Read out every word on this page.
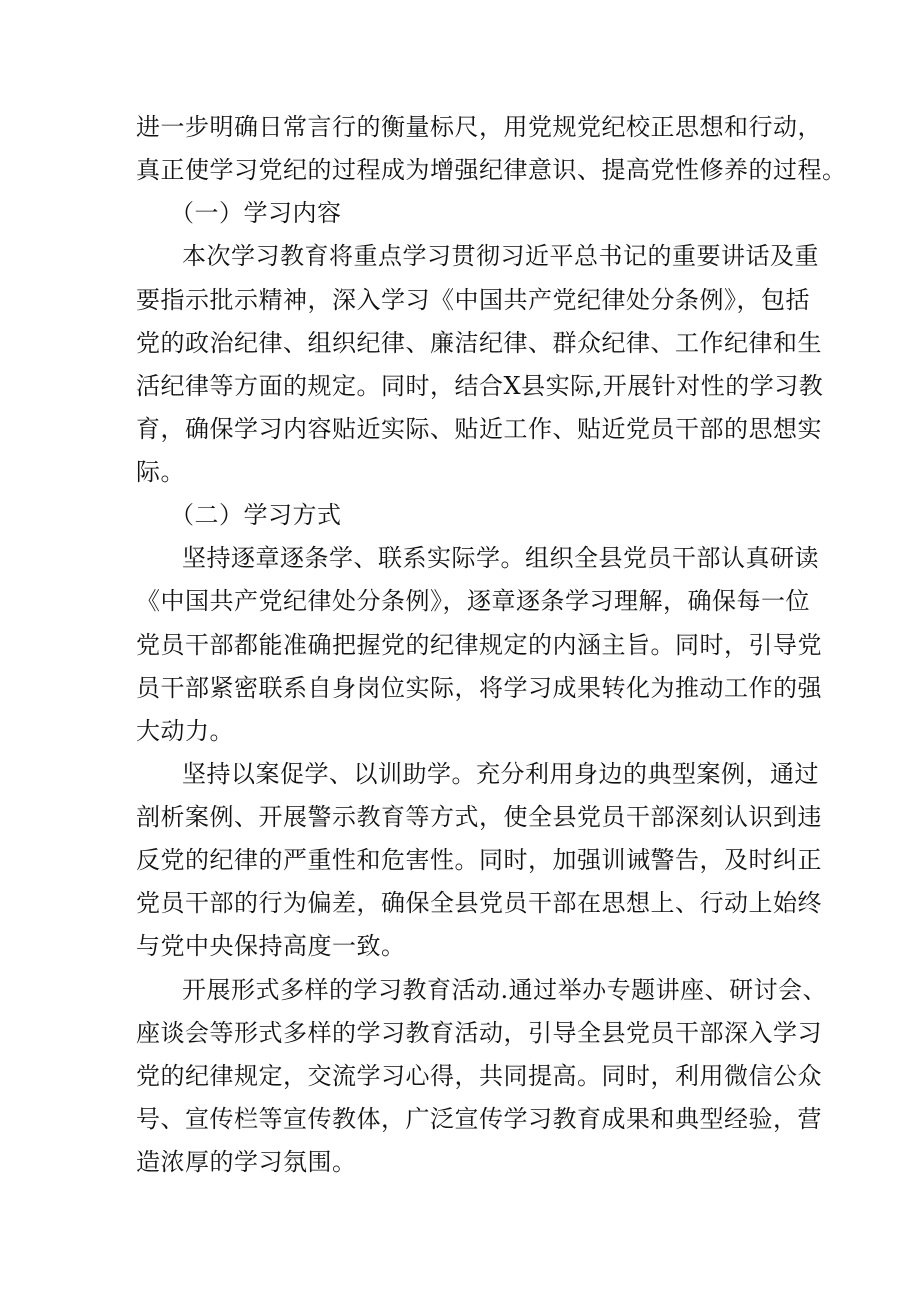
进一步明确日常言行的衡量标尺，用党规党纪校正思想和行动，
真正使学习党纪的过程成为增强纪律意识、提高党性修养的过程。
（一）学习内容
本次学习教育将重点学习贯彻习近平总书记的重要讲话及重
要指示批示精神，深入学习《中国共产党纪律处分条例》，包括
党的政治纪律、组织纪律、廉洁纪律、群众纪律、工作纪律和生
活纪律等方面的规定。同时，结合X县实际,开展针对性的学习教
育，确保学习内容贴近实际、贴近工作、贴近党员干部的思想实
际。
（二）学习方式
坚持逐章逐条学、联系实际学。组织全县党员干部认真研读
《中国共产党纪律处分条例》，逐章逐条学习理解，确保每一位
党员干部都能准确把握党的纪律规定的内涵主旨。同时，引导党
员干部紧密联系自身岗位实际，将学习成果转化为推动工作的强
大动力。
坚持以案促学、以训助学。充分利用身边的典型案例，通过
剖析案例、开展警示教育等方式，使全县党员干部深刻认识到违
反党的纪律的严重性和危害性。同时，加强训诫警告，及时纠正
党员干部的行为偏差，确保全县党员干部在思想上、行动上始终
与党中央保持高度一致。
开展形式多样的学习教育活动.通过举办专题讲座、研讨会、
座谈会等形式多样的学习教育活动，引导全县党员干部深入学习
党的纪律规定，交流学习心得，共同提高。同时，利用微信公众
号、宣传栏等宣传教体，广泛宣传学习教育成果和典型经验，营
造浓厚的学习氛围。
